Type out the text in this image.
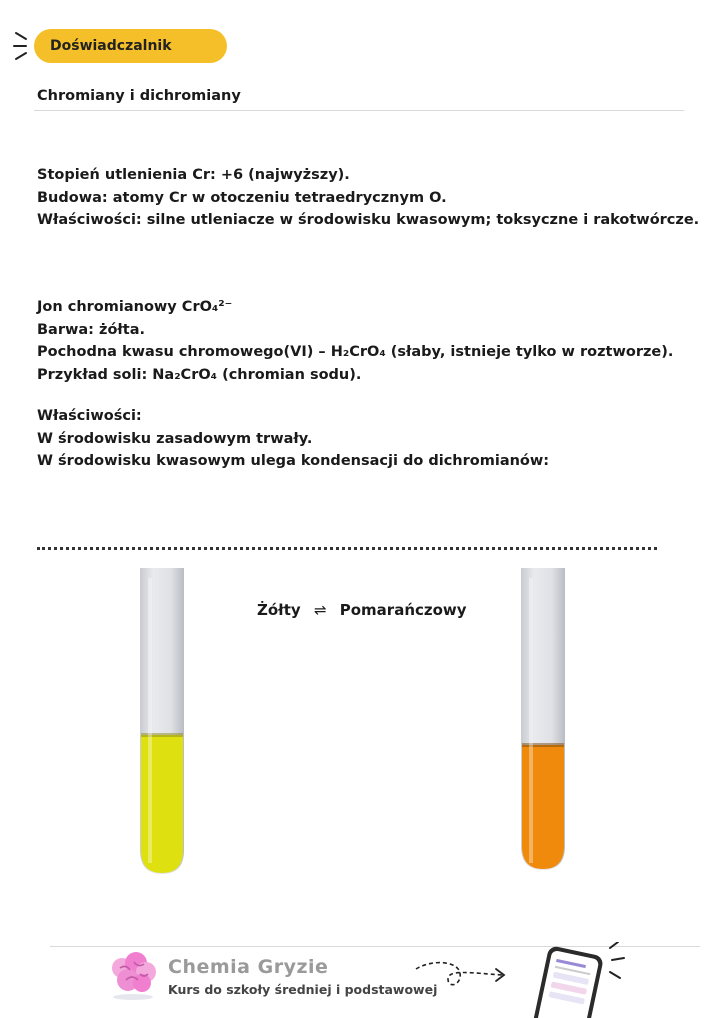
Doświadczalnik
Chromiany i dichromiany
Stopień utlenienia Cr: +6 (najwyższy).
Budowa: atomy Cr w otoczeniu tetraedrycznym O.
Właściwości: silne utleniacze w środowisku kwasowym; toksyczne i rakotwórcze.
Jon chromianowy CrO₄²⁻
Barwa: żółta.
Pochodna kwasu chromowego(VI) – H₂CrO₄ (słaby, istnieje tylko w roztworze).
Przykład soli: Na₂CrO₄ (chromian sodu).
Właściwości:
W środowisku zasadowym trwały.
W środowisku kwasowym ulega kondensacji do dichromianów:
Żółty ⇌ Pomarańczowy
Chemia Gryzie
Kurs do szkoły średniej i podstawowej
